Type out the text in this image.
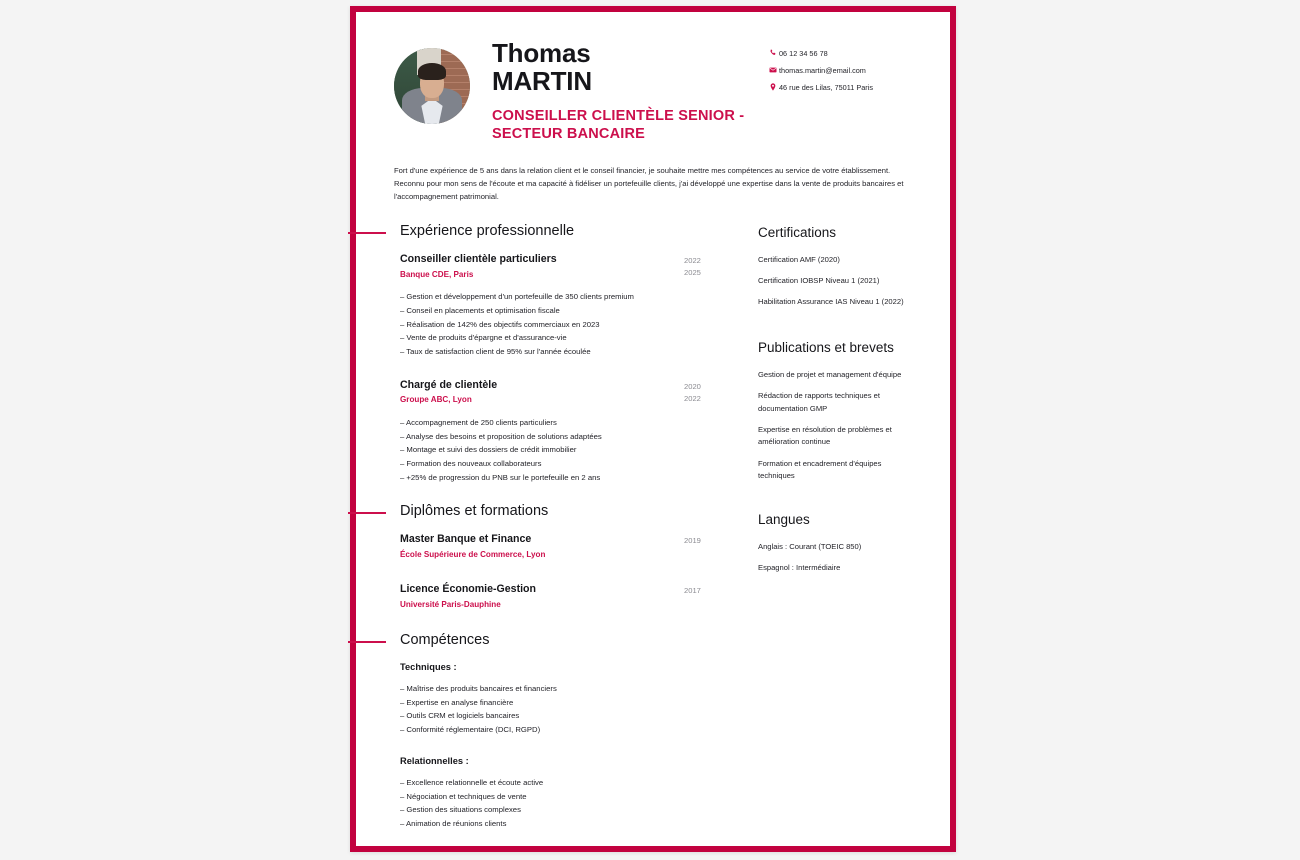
Thomas
MARTIN
CONSEILLER CLIENTÈLE SENIOR - SECTEUR BANCAIRE
06 12 34 56 78
thomas.martin@email.com
46 rue des Lilas, 75011 Paris
Fort d'une expérience de 5 ans dans la relation client et le conseil financier, je souhaite mettre mes compétences au service de votre établissement. Reconnu pour mon sens de l'écoute et ma capacité à fidéliser un portefeuille clients, j'ai développé une expertise dans la vente de produits bancaires et l'accompagnement patrimonial.
Expérience professionnelle
Conseiller clientèle particuliers
Banque CDE, Paris
2022
2025
– Gestion et développement d'un portefeuille de 350 clients premium
– Conseil en placements et optimisation fiscale
– Réalisation de 142% des objectifs commerciaux en 2023
– Vente de produits d'épargne et d'assurance-vie
– Taux de satisfaction client de 95% sur l'année écoulée
Chargé de clientèle
Groupe ABC, Lyon
2020
2022
– Accompagnement de 250 clients particuliers
– Analyse des besoins et proposition de solutions adaptées
– Montage et suivi des dossiers de crédit immobilier
– Formation des nouveaux collaborateurs
– +25% de progression du PNB sur le portefeuille en 2 ans
Diplômes et formations
Master Banque et Finance
École Supérieure de Commerce, Lyon
2019
Licence Économie-Gestion
Université Paris-Dauphine
2017
Compétences
Techniques :
– Maîtrise des produits bancaires et financiers
– Expertise en analyse financière
– Outils CRM et logiciels bancaires
– Conformité réglementaire (DCI, RGPD)
Relationnelles :
– Excellence relationnelle et écoute active
– Négociation et techniques de vente
– Gestion des situations complexes
– Animation de réunions clients
Certifications
Certification AMF (2020)
Certification IOBSP Niveau 1 (2021)
Habilitation Assurance IAS Niveau 1 (2022)
Publications et brevets
Gestion de projet et management d'équipe
Rédaction de rapports techniques et documentation GMP
Expertise en résolution de problèmes et amélioration continue
Formation et encadrement d'équipes techniques
Langues
Anglais : Courant (TOEIC 850)
Espagnol : Intermédiaire
